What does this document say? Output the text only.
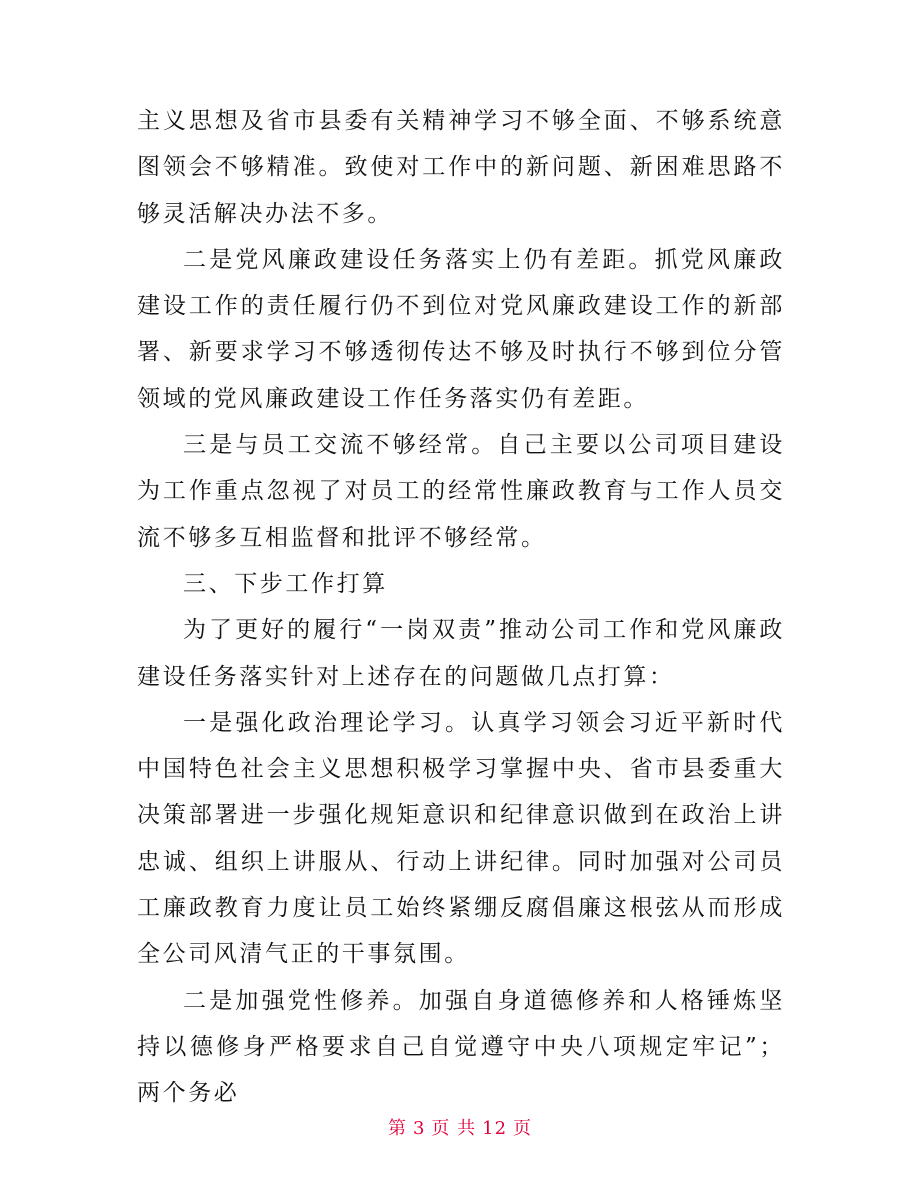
主义思想及省市县委有关精神学习不够全面、不够系统意图领会不够精准。致使对工作中的新问题、新困难思路不够灵活解决办法不多。

二是党风廉政建设任务落实上仍有差距。抓党风廉政建设工作的责任履行仍不到位对党风廉政建设工作的新部署、新要求学习不够透彻传达不够及时执行不够到位分管领域的党风廉政建设工作任务落实仍有差距。

三是与员工交流不够经常。自己主要以公司项目建设为工作重点忽视了对员工的经常性廉政教育与工作人员交流不够多互相监督和批评不够经常。

三、下步工作打算

为了更好的履行“一岗双责”推动公司工作和党风廉政建设任务落实针对上述存在的问题做几点打算：

一是强化政治理论学习。认真学习领会习近平新时代中国特色社会主义思想积极学习掌握中央、省市县委重大决策部署进一步强化规矩意识和纪律意识做到在政治上讲忠诚、组织上讲服从、行动上讲纪律。同时加强对公司员工廉政教育力度让员工始终紧绷反腐倡廉这根弦从而形成全公司风清气正的干事氛围。

二是加强党性修养。加强自身道德修养和人格锤炼坚持以德修身严格要求自己自觉遵守中央八项规定牢记”；两个务必

第 3 页 共 12 页
